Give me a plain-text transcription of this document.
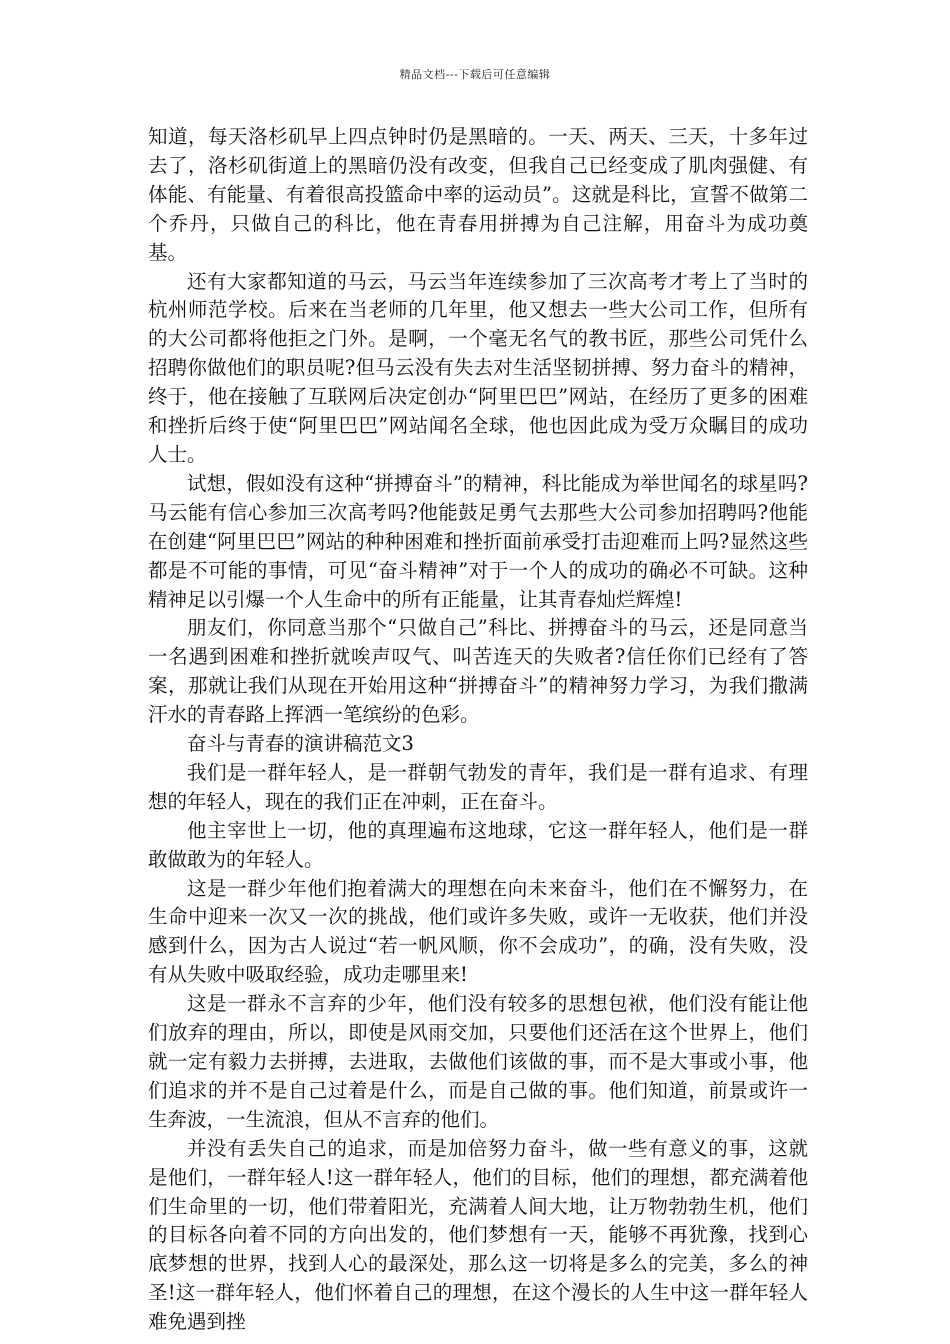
精品文档---下载后可任意编辑

知道，每天洛杉矶早上四点钟时仍是黑暗的。一天、两天、三天，十多年过去了，洛杉矶街道上的黑暗仍没有改变，但我自己已经变成了肌肉强健、有体能、有能量、有着很高投篮命中率的运动员”。这就是科比，宣誓不做第二个乔丹，只做自己的科比，他在青春用拼搏为自己注解，用奋斗为成功奠基。

还有大家都知道的马云，马云当年连续参加了三次高考才考上了当时的杭州师范学校。后来在当老师的几年里，他又想去一些大公司工作，但所有的大公司都将他拒之门外。是啊，一个毫无名气的教书匠，那些公司凭什么招聘你做他们的职员呢?但马云没有失去对生活坚韧拼搏、努力奋斗的精神，终于，他在接触了互联网后决定创办“阿里巴巴”网站，在经历了更多的困难和挫折后终于使“阿里巴巴”网站闻名全球，他也因此成为受万众瞩目的成功人士。

试想，假如没有这种“拼搏奋斗”的精神，科比能成为举世闻名的球星吗?马云能有信心参加三次高考吗?他能鼓足勇气去那些大公司参加招聘吗?他能在创建“阿里巴巴”网站的种种困难和挫折面前承受打击迎难而上吗?显然这些都是不可能的事情，可见“奋斗精神”对于一个人的成功的确必不可缺。这种精神足以引爆一个人生命中的所有正能量，让其青春灿烂辉煌!

朋友们，你同意当那个“只做自己”科比、拼搏奋斗的马云，还是同意当一名遇到困难和挫折就唉声叹气、叫苦连天的失败者?信任你们已经有了答案，那就让我们从现在开始用这种“拼搏奋斗”的精神努力学习，为我们撒满汗水的青春路上挥洒一笔缤纷的色彩。

奋斗与青春的演讲稿范文3

我们是一群年轻人，是一群朝气勃发的青年，我们是一群有追求、有理想的年轻人，现在的我们正在冲刺，正在奋斗。

他主宰世上一切，他的真理遍布这地球，它这一群年轻人，他们是一群敢做敢为的年轻人。

这是一群少年他们抱着满大的理想在向未来奋斗，他们在不懈努力，在生命中迎来一次又一次的挑战，他们或许多失败，或许一无收获，他们并没感到什么，因为古人说过“若一帆风顺，你不会成功”，的确，没有失败，没有从失败中吸取经验，成功走哪里来!

这是一群永不言弃的少年，他们没有较多的思想包袱，他们没有能让他们放弃的理由，所以，即使是风雨交加，只要他们还活在这个世界上，他们就一定有毅力去拼搏，去进取，去做他们该做的事，而不是大事或小事，他们追求的并不是自己过着是什么，而是自己做的事。他们知道，前景或许一生奔波，一生流浪，但从不言弃的他们。

并没有丢失自己的追求，而是加倍努力奋斗，做一些有意义的事，这就是他们，一群年轻人!这一群年轻人，他们的目标，他们的理想，都充满着他们生命里的一切，他们带着阳光，充满着人间大地，让万物勃勃生机，他们的目标各向着不同的方向出发的，他们梦想有一天，能够不再犹豫，找到心底梦想的世界，找到人心的最深处，那么这一切将是多么的完美，多么的神圣!这一群年轻人，他们怀着自己的理想，在这个漫长的人生中这一群年轻人难免遇到挫
